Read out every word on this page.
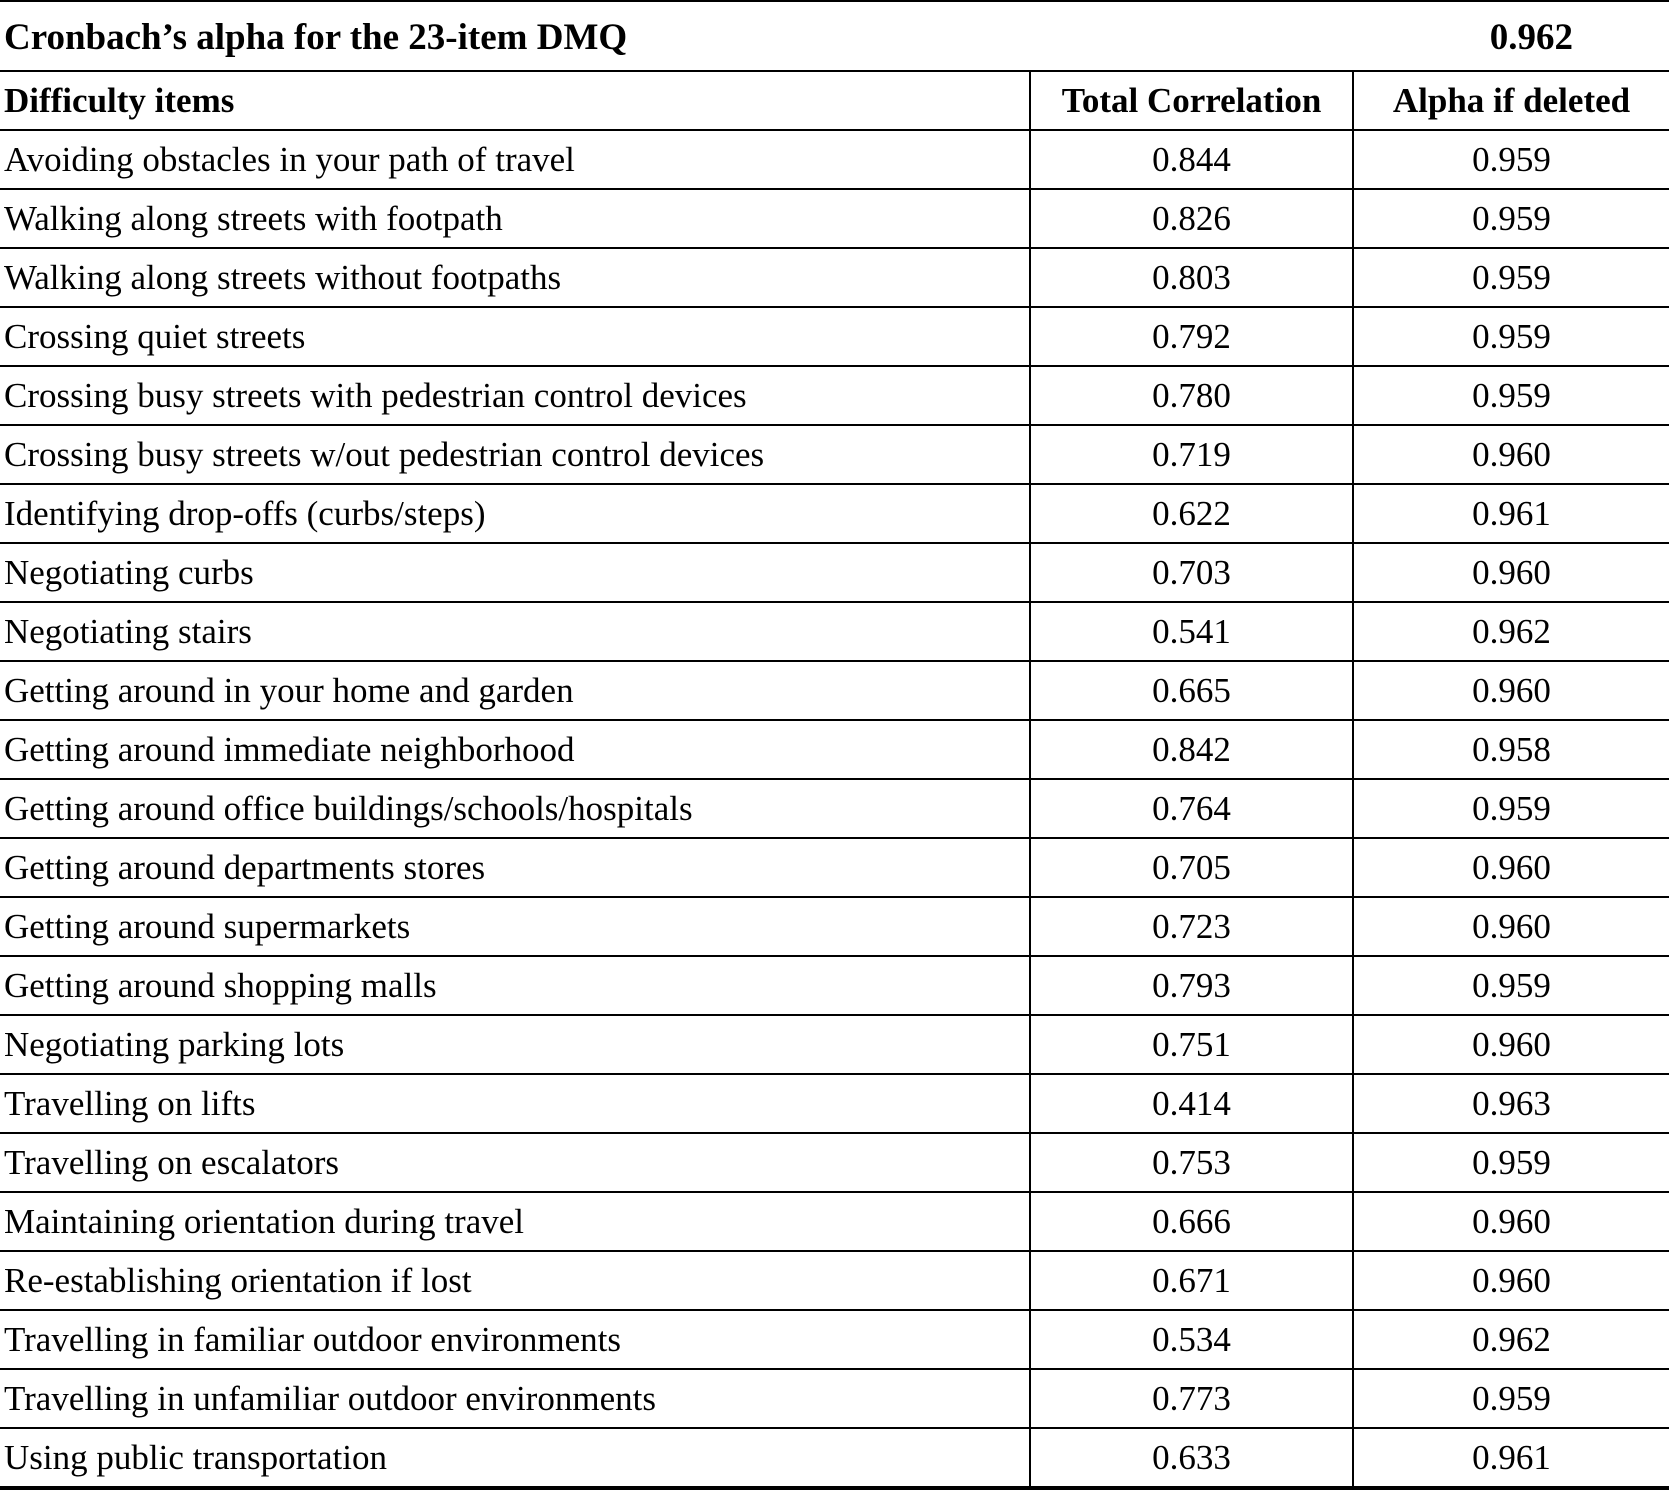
Cronbach’s alpha for the 23-item DMQ		0.962
Difficulty items	Total Correlation	Alpha if deleted
Avoiding obstacles in your path of travel	0.844	0.959
Walking along streets with footpath	0.826	0.959
Walking along streets without footpaths	0.803	0.959
Crossing quiet streets	0.792	0.959
Crossing busy streets with pedestrian control devices	0.780	0.959
Crossing busy streets w/out pedestrian control devices	0.719	0.960
Identifying drop-offs (curbs/steps)	0.622	0.961
Negotiating curbs	0.703	0.960
Negotiating stairs	0.541	0.962
Getting around in your home and garden	0.665	0.960
Getting around immediate neighborhood	0.842	0.958
Getting around office buildings/schools/hospitals	0.764	0.959
Getting around departments stores	0.705	0.960
Getting around supermarkets	0.723	0.960
Getting around shopping malls	0.793	0.959
Negotiating parking lots	0.751	0.960
Travelling on lifts	0.414	0.963
Travelling on escalators	0.753	0.959
Maintaining orientation during travel	0.666	0.960
Re-establishing orientation if lost	0.671	0.960
Travelling in familiar outdoor environments	0.534	0.962
Travelling in unfamiliar outdoor environments	0.773	0.959
Using public transportation	0.633	0.961
